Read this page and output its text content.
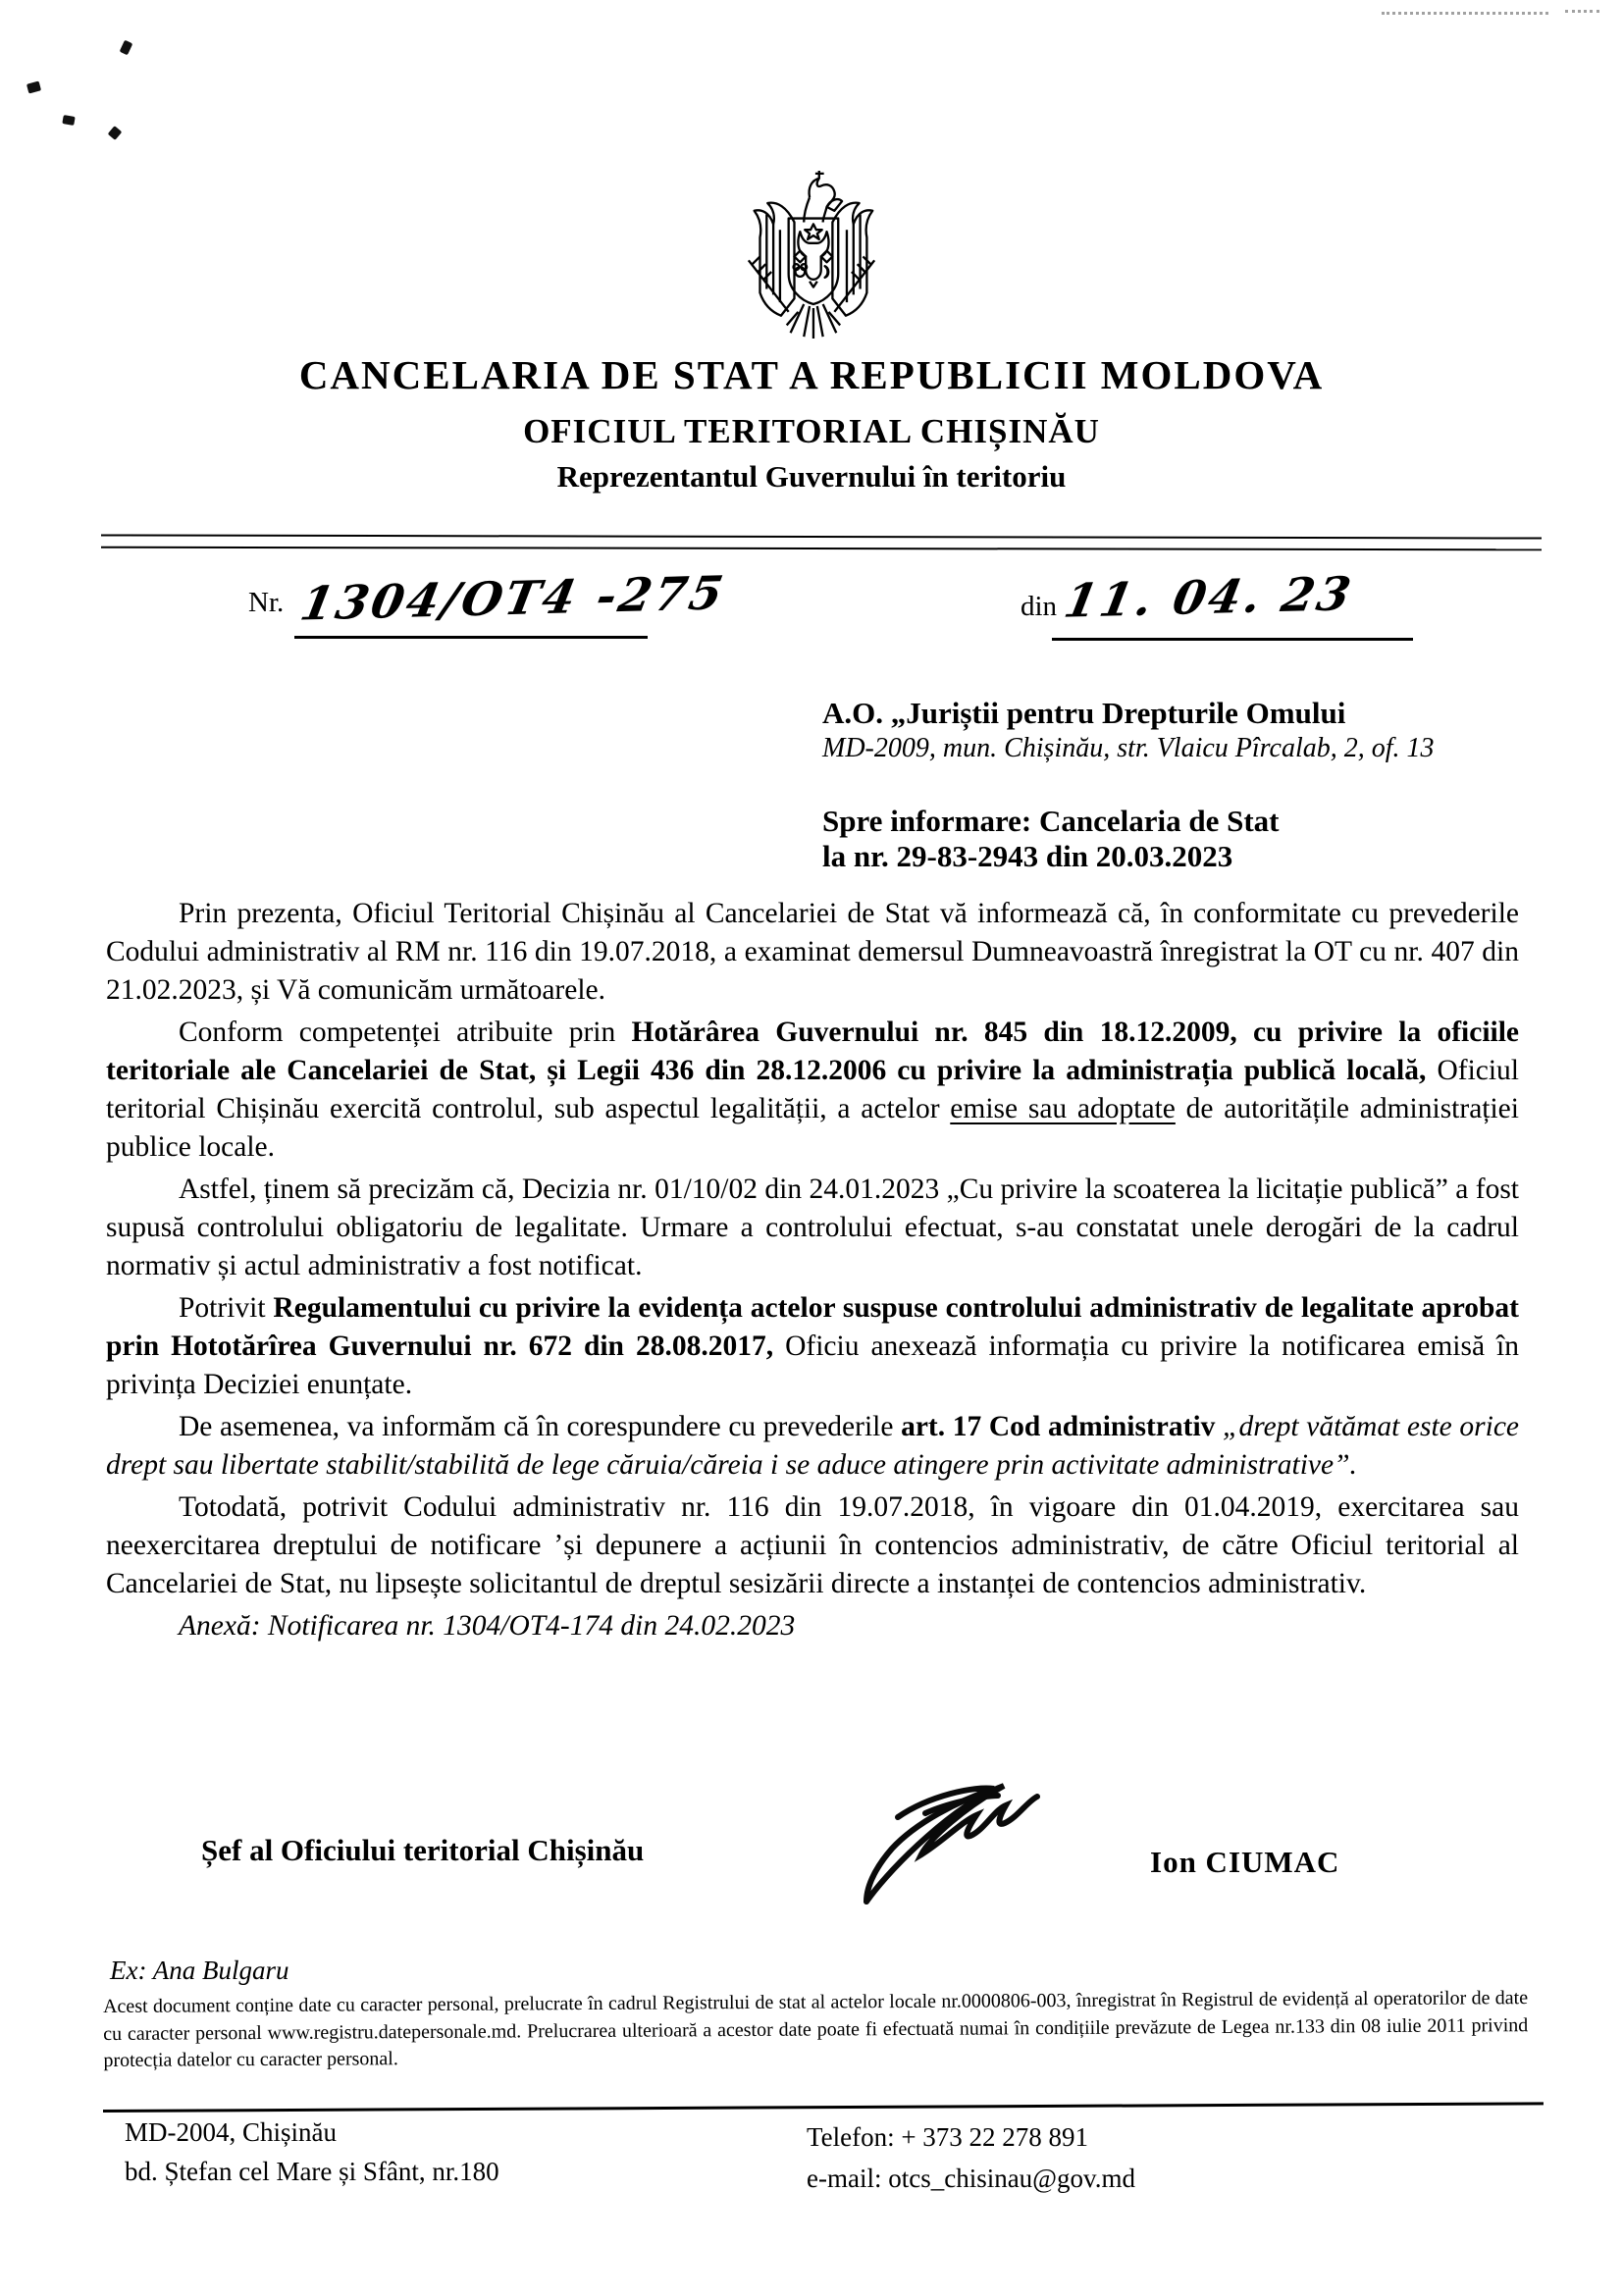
CANCELARIA DE STAT A REPUBLICII MOLDOVA
OFICIUL TERITORIAL CHIȘINĂU
Reprezentantul Guvernului în teritoriu
Nr. 1304/OT4 -275	din 11. 04. 23
A.O. „Juriștii pentru Drepturile Omului
MD-2009, mun. Chișinău, str. Vlaicu Pîrcalab, 2, of. 13
Spre informare: Cancelaria de Stat
la nr. 29-83-2943 din 20.03.2023

Prin prezenta, Oficiul Teritorial Chișinău al Cancelariei de Stat vă informează că, în conformitate cu prevederile Codului administrativ al RM nr. 116 din 19.07.2018, a examinat demersul Dumneavoastră înregistrat la OT cu nr. 407 din 21.02.2023, și Vă comunicăm următoarele.

Conform competenței atribuite prin Hotărârea Guvernului nr. 845 din 18.12.2009, cu privire la oficiile teritoriale ale Cancelariei de Stat, și Legii 436 din 28.12.2006 cu privire la administrația publică locală, Oficiul teritorial Chișinău exercită controlul, sub aspectul legalității, a actelor emise sau adoptate de autoritățile administrației publice locale.

Astfel, ținem să precizăm că, Decizia nr. 01/10/02 din 24.01.2023 „Cu privire la scoaterea la licitație publică” a fost supusă controlului obligatoriu de legalitate. Urmare a controlului efectuat, s-au constatat unele derogări de la cadrul normativ și actul administrativ a fost notificat.

Potrivit Regulamentului cu privire la evidența actelor suspuse controlului administrativ de legalitate aprobat prin Hototărîrea Guvernului nr. 672 din 28.08.2017, Oficiu anexează informația cu privire la notificarea emisă în privința Deciziei enunțate.

De asemenea, va informăm că în corespundere cu prevederile art. 17 Cod administrativ „drept vătămat este orice drept sau libertate stabilit/stabilită de lege căruia/căreia i se aduce atingere prin activitate administrative”.

Totodată, potrivit Codului administrativ nr. 116 din 19.07.2018, în vigoare din 01.04.2019, exercitarea sau neexercitarea dreptului de notificare ʼși depunere a acțiunii în contencios administrativ, de către Oficiul teritorial al Cancelariei de Stat, nu lipsește solicitantul de dreptul sesizării directe a instanței de contencios administrativ.

Anexă: Notificarea nr. 1304/OT4-174 din 24.02.2023

Șef al Oficiului teritorial Chișinău	Ion CIUMAC
Ex: Ana Bulgaru
Acest document conține date cu caracter personal, prelucrate în cadrul Registrului de stat al actelor locale nr.0000806-003, înregistrat în Registrul de evidență al operatorilor de date cu caracter personal www.registru.datepersonale.md. Prelucrarea ulterioară a acestor date poate fi efectuată numai în condițiile prevăzute de Legea nr.133 din 08 iulie 2011 privind protecția datelor cu caracter personal.
MD-2004, Chișinău
bd. Ștefan cel Mare și Sfânt, nr.180
Telefon: + 373 22 278 891
e-mail: otcs_chisinau@gov.md
